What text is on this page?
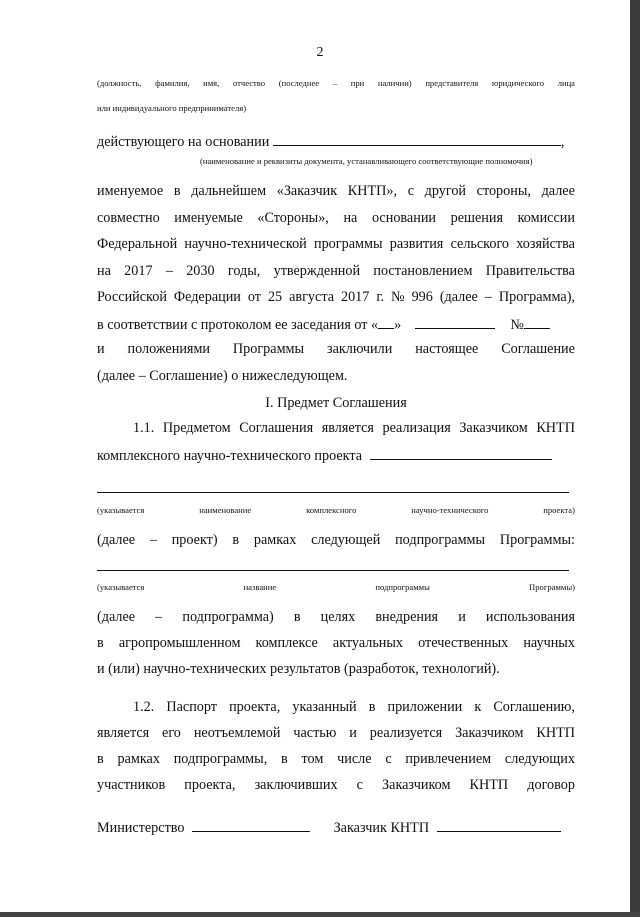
2
(должность, фамилия, имя, отчество (последнее – при наличии) представителя юридического лица
или индивидуального предпринимателя)
действующего на основании	,
(наименование и реквизиты документа, устанавливающего соответствующие полномочия)
именуемое в дальнейшем «Заказчик КНТП», с другой стороны, далее
совместно именуемые «Стороны», на основании решения комиссии
Федеральной научно-технической программы развития сельского хозяйства
на 2017 – 2030 годы, утвержденной постановлением Правительства
Российской Федерации от 25 августа 2017 г. № 996 (далее – Программа),
в соответствии с протоколом ее заседания от « »	№
и положениями Программы заключили настоящее Соглашение
(далее – Соглашение) о нижеследующем.
I. Предмет Соглашения
1.1. Предметом Соглашения является реализация Заказчиком КНТП
комплексного научно-технического проекта
(указывается	наименование	комплексного	научно-технического	проекта)
(далее – проект) в рамках следующей подпрограммы Программы:
(указывается	название	подпрограммы	Программы)
(далее – подпрограмма) в целях внедрения и использования
в агропромышленном комплексе актуальных отечественных научных
и (или) научно-технических результатов (разработок, технологий).
1.2. Паспорт проекта, указанный в приложении к Соглашению,
является его неотъемлемой частью и реализуется Заказчиком КНТП
в рамках подпрограммы, в том числе с привлечением следующих
участников проекта, заключивших с Заказчиком КНТП договор
Министерство	Заказчик КНТП
